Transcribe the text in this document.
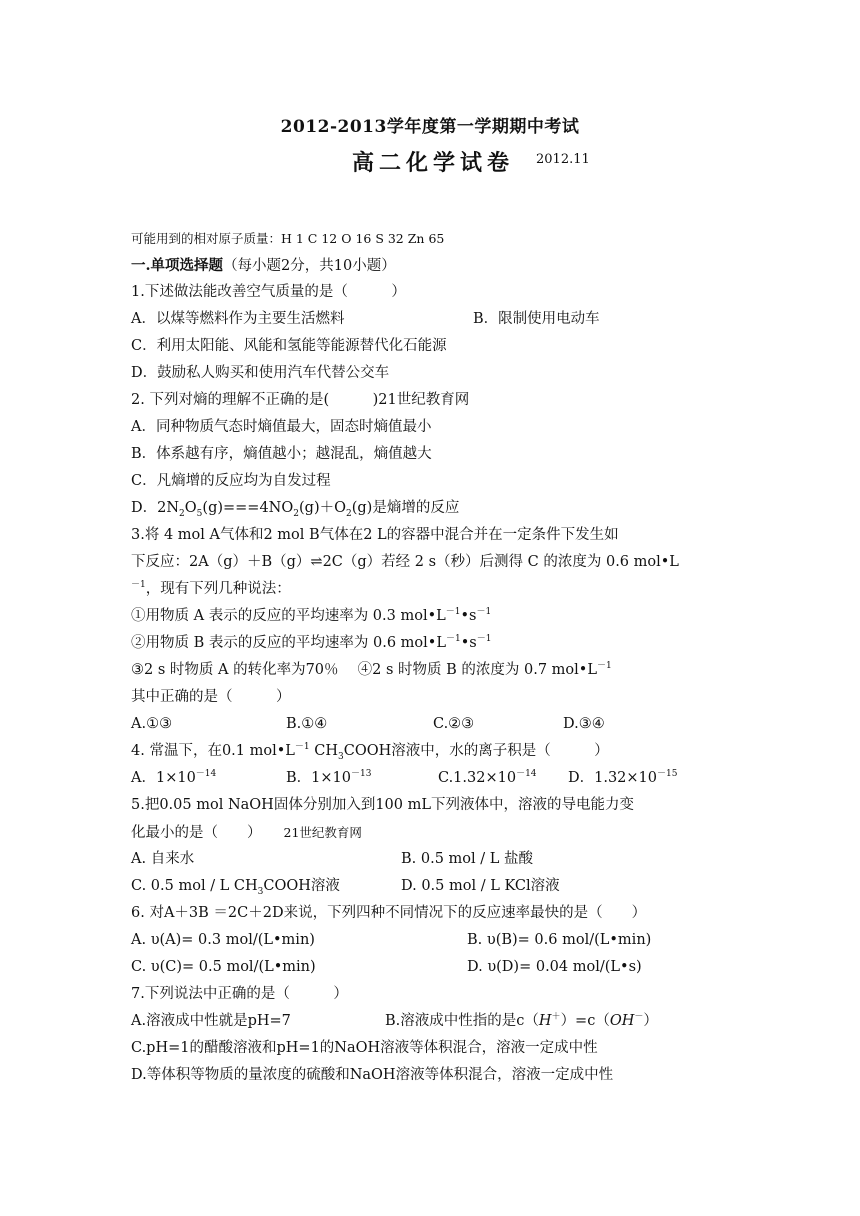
2012-2013学年度第一学期期中考试
高二化学试卷 2012.11
可能用到的相对原子质量：H 1 C 12 O 16 S 32 Zn 65
一.单项选择题（每小题2分，共10小题）
1.下述做法能改善空气质量的是（　　　）
A．以煤等燃料作为主要生活燃料	B．限制使用电动车
C．利用太阳能、风能和氢能等能源替代化石能源
D．鼓励私人购买和使用汽车代替公交车
2. 下列对熵的理解不正确的是(　　　)21世纪教育网
A．同种物质气态时熵值最大，固态时熵值最小
B．体系越有序，熵值越小；越混乱，熵值越大
C．凡熵增的反应均为自发过程
D．$2N_2O_5(g)===4NO_2(g)+O_2(g)$是熵增的反应
3.将 4 mol A气体和2 mol B气体在2 L的容器中混合并在一定条件下发生如
下反应：2A（g）＋B（g）⇌2C（g）若经 2 s（秒）后测得 C 的浓度为 0.6 mol•L
$^{-1}$，现有下列几种说法：
①用物质 A 表示的反应的平均速率为 0.3 $mol•L^{-1}•s^{-1}$
②用物质 B 表示的反应的平均速率为 0.6 $mol•L^{-1}•s^{-1}$
③2 s 时物质 A 的转化率为70％　 ④2 s 时物质 B 的浓度为 0.7 $mol•L^{-1}$
其中正确的是（　　　）
A.①③	B.①④	C.②③	D.③④
4. 常温下，在0.1 $mol•L^{-1}$ $CH_3COOH$溶液中，水的离子积是（　　　）
A．$1\times 10^{-14}$	B．$1\times 10^{-13}$	$C.1.32\times 10^{-14}$ D．$1.32\times 10^{-15}$
5.把0.05 mol NaOH固体分别加入到100 mL下列液体中，溶液的导电能力变
化最小的是（　　） 21世纪教育网
A. 自来水	B. 0.5 mol / L 盐酸
C. 0.5 mol / L $CH_3COOH$溶液	D. 0.5 mol / L KCl溶液
6. 对A＋3B ＝2C＋2D来说，下列四种不同情况下的反应速率最快的是（　　）
A. υ(A)= 0.3 mol/(L•min)	B. υ(B)= 0.6 mol/(L•min)
C. υ(C)= 0.5 mol/(L•min)	D. υ(D)= 0.04 mol/(L•s)
7.下列说法中正确的是（　　　）
A.溶液成中性就是pH=7	B.溶液成中性指的是c（H＋）=c（OH－）
C.pH=1的醋酸溶液和pH=1的NaOH溶液等体积混合，溶液一定成中性
D.等体积等物质的量浓度的硫酸和NaOH溶液等体积混合，溶液一定成中性
